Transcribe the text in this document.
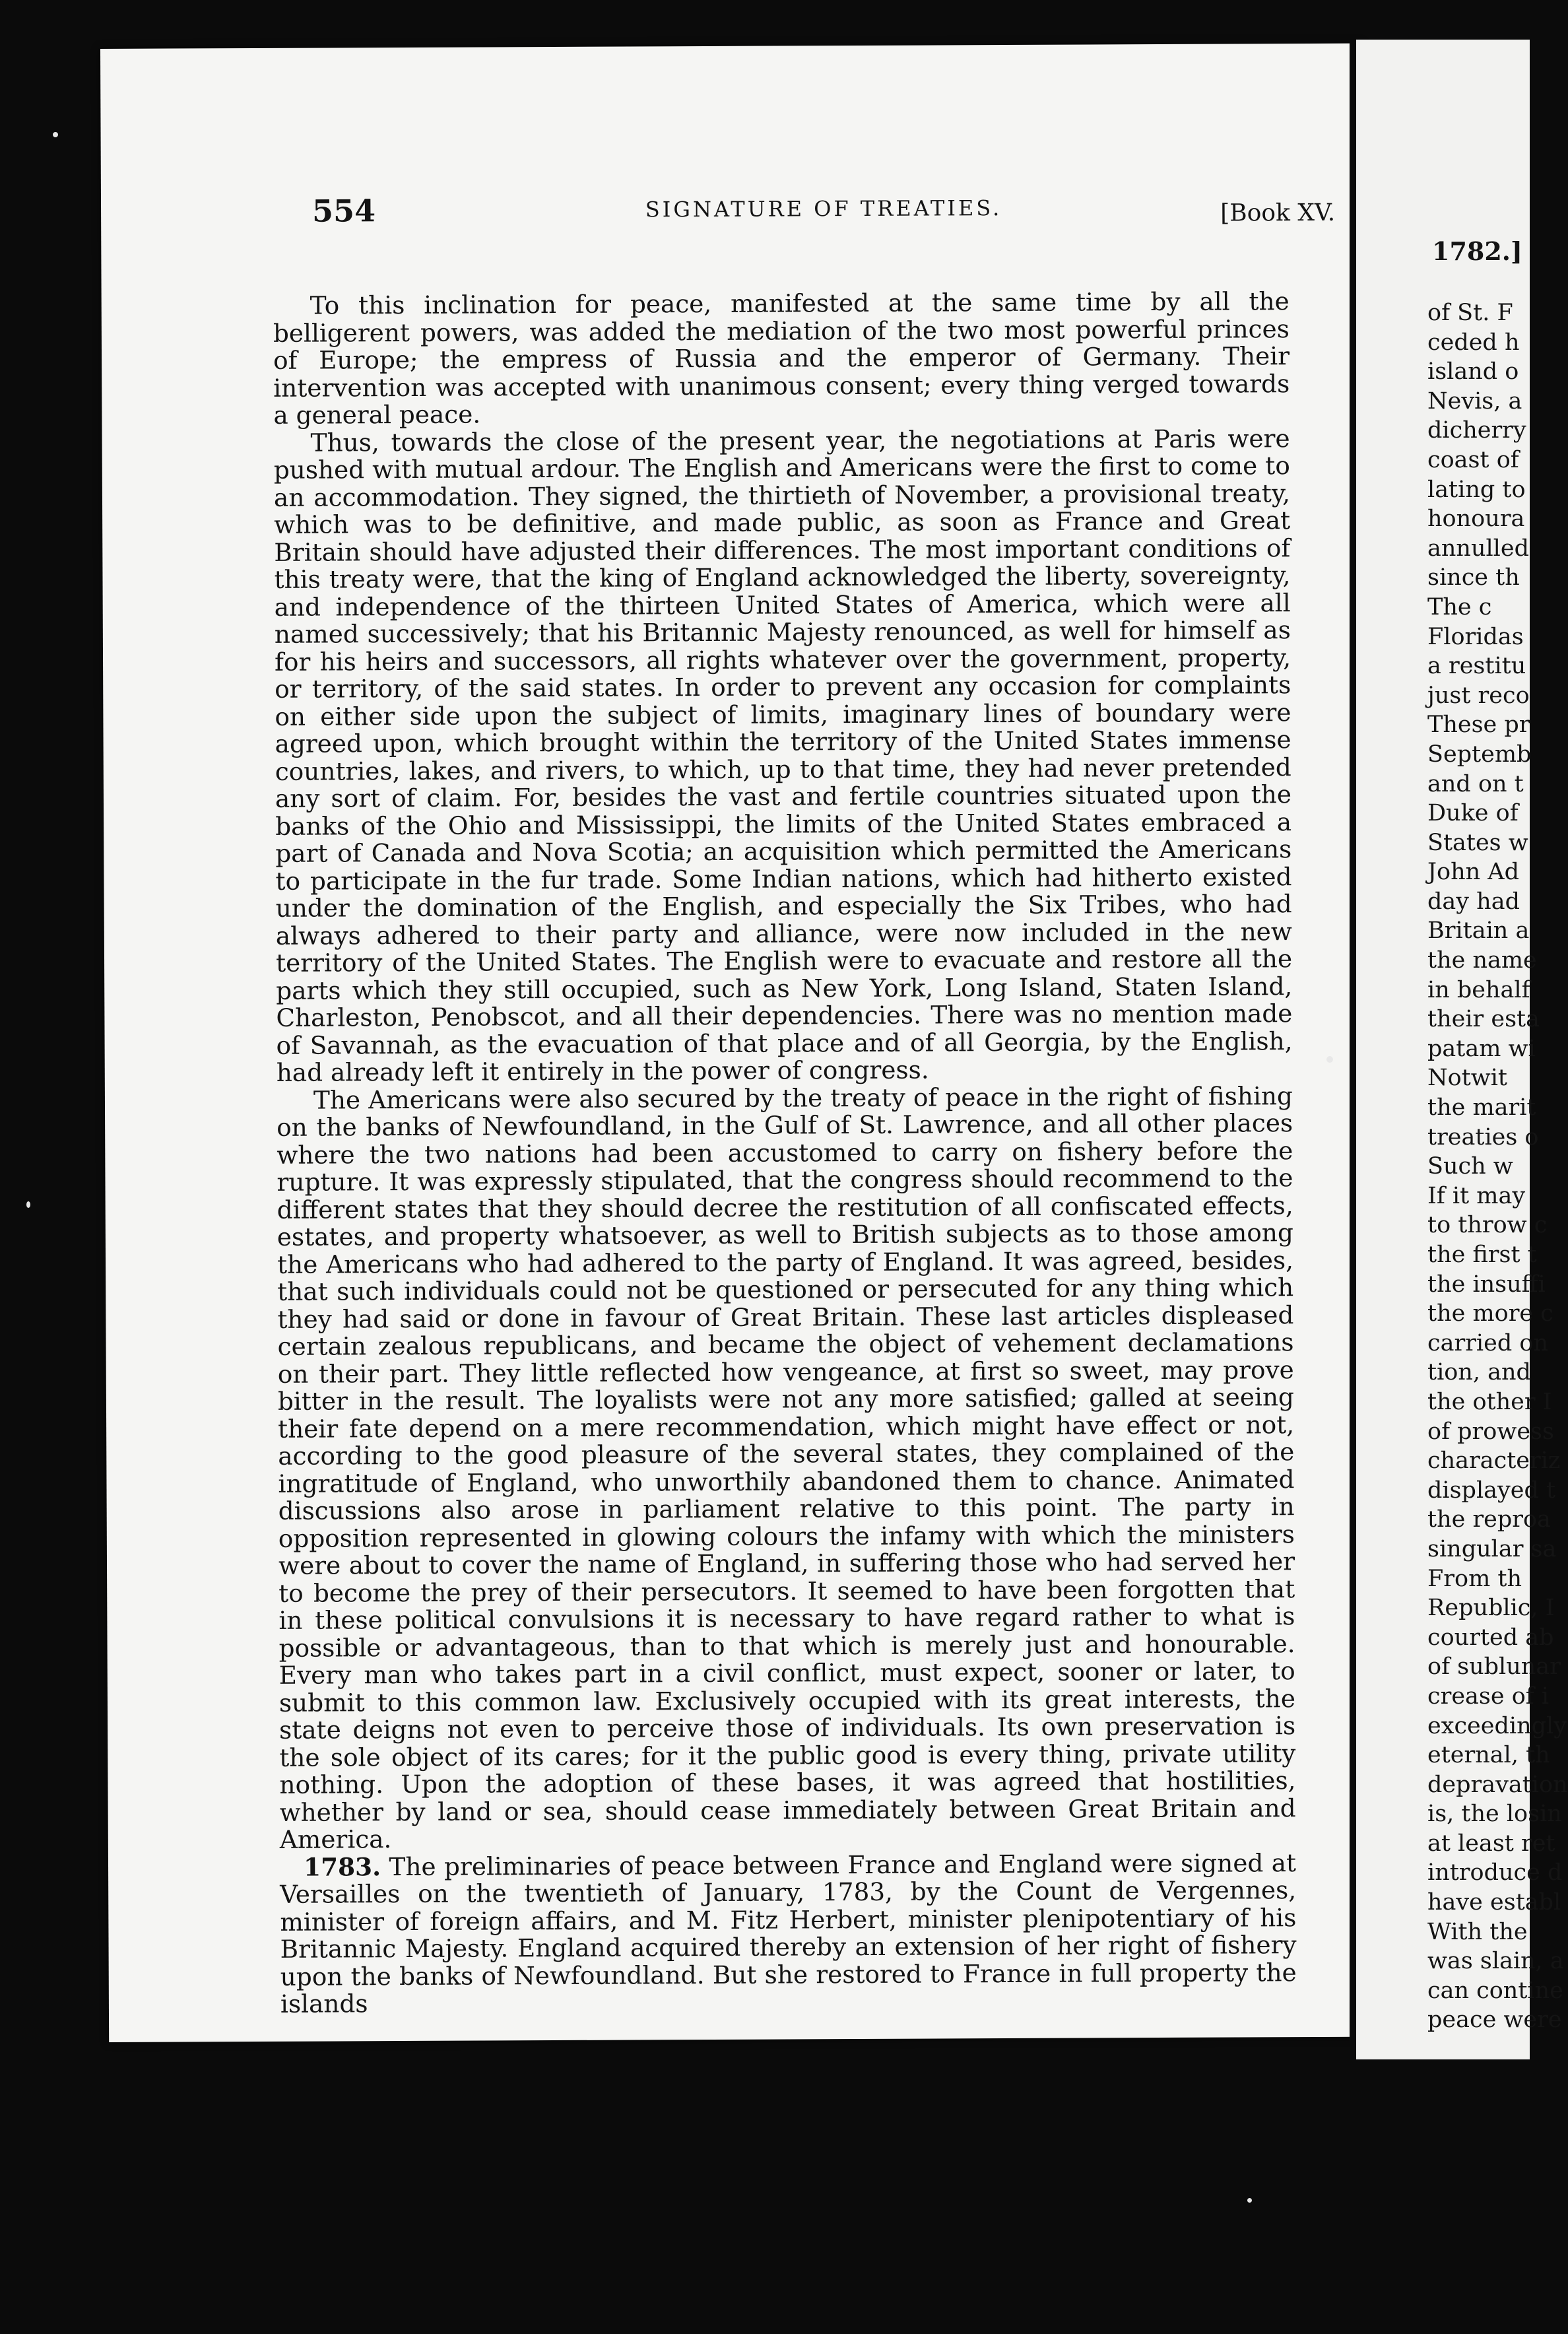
554	SIGNATURE OF TREATIES.	[Book XV.

To this inclination for peace, manifested at the same time by all the belligerent powers, was added the mediation of the two most powerful princes of Europe; the empress of Russia and the emperor of Germany. Their intervention was accepted with unanimous consent; every thing verged towards a general peace.

Thus, towards the close of the present year, the negotiations at Paris were pushed with mutual ardour. The English and Americans were the first to come to an accommodation. They signed, the thirtieth of November, a provisional treaty, which was to be definitive, and made public, as soon as France and Great Britain should have adjusted their differences. The most important conditions of this treaty were, that the king of England acknowledged the liberty, sovereignty, and independence of the thirteen United States of America, which were all named successively; that his Britannic Majesty renounced, as well for himself as for his heirs and successors, all rights whatever over the government, property, or territory, of the said states. In order to prevent any occasion for complaints on either side upon the subject of limits, imaginary lines of boundary were agreed upon, which brought within the territory of the United States immense countries, lakes, and rivers, to which, up to that time, they had never pretended any sort of claim. For, besides the vast and fertile countries situated upon the banks of the Ohio and Mississippi, the limits of the United States embraced a part of Canada and Nova Scotia; an acquisition which permitted the Americans to participate in the fur trade. Some Indian nations, which had hitherto existed under the domination of the English, and especially the Six Tribes, who had always adhered to their party and alliance, were now included in the new territory of the United States. The English were to evacuate and restore all the parts which they still occupied, such as New York, Long Island, Staten Island, Charleston, Penobscot, and all their dependencies. There was no mention made of Savannah, as the evacuation of that place and of all Georgia, by the English, had already left it entirely in the power of congress.

The Americans were also secured by the treaty of peace in the right of fishing on the banks of Newfoundland, in the Gulf of St. Lawrence, and all other places where the two nations had been accustomed to carry on fishery before the rupture. It was expressly stipulated, that the congress should recommend to the different states that they should decree the restitution of all confiscated effects, estates, and property whatsoever, as well to British subjects as to those among the Americans who had adhered to the party of England. It was agreed, besides, that such individuals could not be questioned or persecuted for any thing which they had said or done in favour of Great Britain. These last articles displeased certain zealous republicans, and became the object of vehement declamations on their part. They little reflected how vengeance, at first so sweet, may prove bitter in the result. The loyalists were not any more satisfied; galled at seeing their fate depend on a mere recommendation, which might have effect or not, according to the good pleasure of the several states, they complained of the ingratitude of England, who unworthily abandoned them to chance. Animated discussions also arose in parliament relative to this point. The party in opposition represented in glowing colours the infamy with which the ministers were about to cover the name of England, in suffering those who had served her to become the prey of their persecutors. It seemed to have been forgotten that in these political convulsions it is necessary to have regard rather to what is possible or advantageous, than to that which is merely just and honourable. Every man who takes part in a civil conflict, must expect, sooner or later, to submit to this common law. Exclusively occupied with its great interests, the state deigns not even to perceive those of individuals. Its own preservation is the sole object of its cares; for it the public good is every thing, private utility nothing. Upon the adoption of these bases, it was agreed that hostilities, whether by land or sea, should cease immediately between Great Britain and America.

1783. The preliminaries of peace between France and England were signed at Versailles on the twentieth of January, 1783, by the Count de Vergennes, minister of foreign affairs, and M. Fitz Herbert, minister plenipotentiary of his Britannic Majesty. England acquired thereby an extension of her right of fishery upon the banks of Newfoundland. But she restored to France in full property the islands

1782.]
of St. F
ceded h
island o
Nevis, a
dicherry
coast of
lating to
honoura
annulled
since th
The c
Floridas
a restitu
just reco
These pr
Septemb
and on t
Duke of
States w
John Ad
day had
Britain a
the name
in behalf
their esta
patam wi
Notwit
the marit
treaties o
Such w
If it may
to throw c
the first t
the insuffi
the more c
carried on
tion, and
the other I
of prowess
characteriz
displayed t
the reproa
singular sa
From th
Republic, I
courted ab
of sublunar
crease of i
exceedingly
eternal, th
depravation
is, the losin
at least ret
introduce d
have establ
With the
was slain, a
can contine
peace were
